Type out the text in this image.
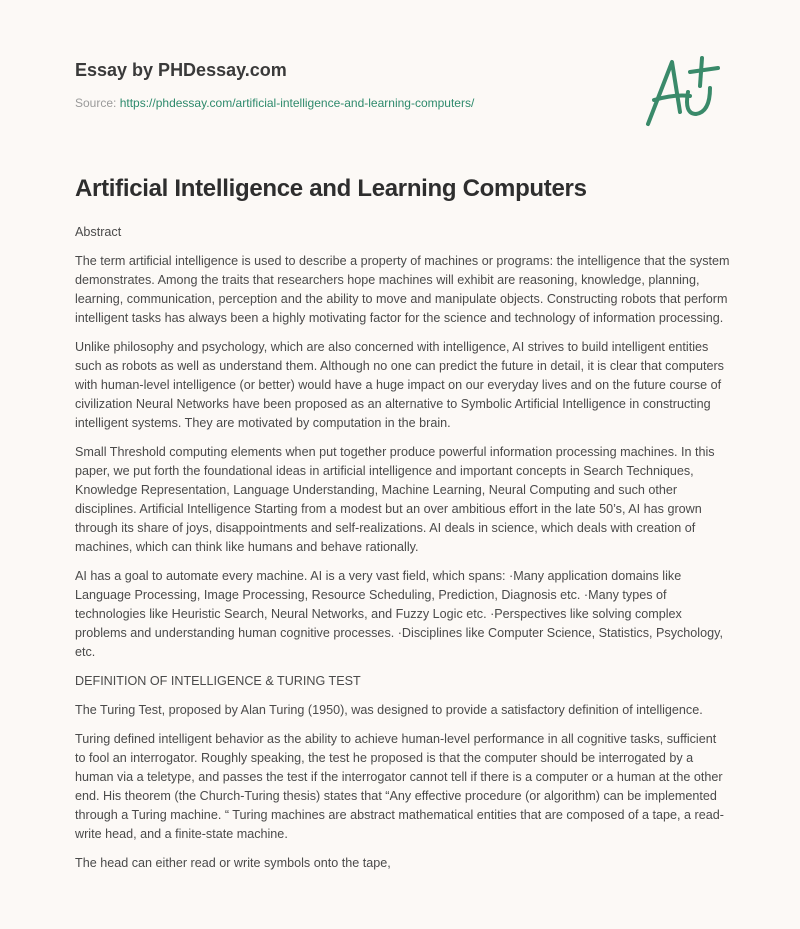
Essay by PHDessay.com
Source: https://phdessay.com/artificial-intelligence-and-learning-computers/
Artificial Intelligence and Learning Computers

Abstract

The term artificial intelligence is used to describe a property of machines or programs: the intelligence that the system demonstrates. Among the traits that researchers hope machines will exhibit are reasoning, knowledge, planning, learning, communication, perception and the ability to move and manipulate objects. Constructing robots that perform intelligent tasks has always been a highly motivating factor for the science and technology of information processing.

Unlike philosophy and psychology, which are also concerned with intelligence, AI strives to build intelligent entities such as robots as well as understand them. Although no one can predict the future in detail, it is clear that computers with human-level intelligence (or better) would have a huge impact on our everyday lives and on the future course of civilization Neural Networks have been proposed as an alternative to Symbolic Artificial Intelligence in constructing intelligent systems. They are motivated by computation in the brain.

Small Threshold computing elements when put together produce powerful information processing machines. In this paper, we put forth the foundational ideas in artificial intelligence and important concepts in Search Techniques, Knowledge Representation, Language Understanding, Machine Learning, Neural Computing and such other disciplines. Artificial Intelligence Starting from a modest but an over ambitious effort in the late 50’s, AI has grown through its share of joys, disappointments and self-realizations. AI deals in science, which deals with creation of machines, which can think like humans and behave rationally.

AI has a goal to automate every machine. AI is a very vast field, which spans: ·Many application domains like Language Processing, Image Processing, Resource Scheduling, Prediction, Diagnosis etc. ·Many types of technologies like Heuristic Search, Neural Networks, and Fuzzy Logic etc. ·Perspectives like solving complex problems and understanding human cognitive processes. ·Disciplines like Computer Science, Statistics, Psychology, etc.

DEFINITION OF INTELLIGENCE & TURING TEST

The Turing Test, proposed by Alan Turing (1950), was designed to provide a satisfactory definition of intelligence.

Turing defined intelligent behavior as the ability to achieve human-level performance in all cognitive tasks, sufficient to fool an interrogator. Roughly speaking, the test he proposed is that the computer should be interrogated by a human via a teletype, and passes the test if the interrogator cannot tell if there is a computer or a human at the other end. His theorem (the Church-Turing thesis) states that “Any effective procedure (or algorithm) can be implemented through a Turing machine. “ Turing machines are abstract mathematical entities that are composed of a tape, a read-write head, and a finite-state machine.

The head can either read or write symbols onto the tape,
